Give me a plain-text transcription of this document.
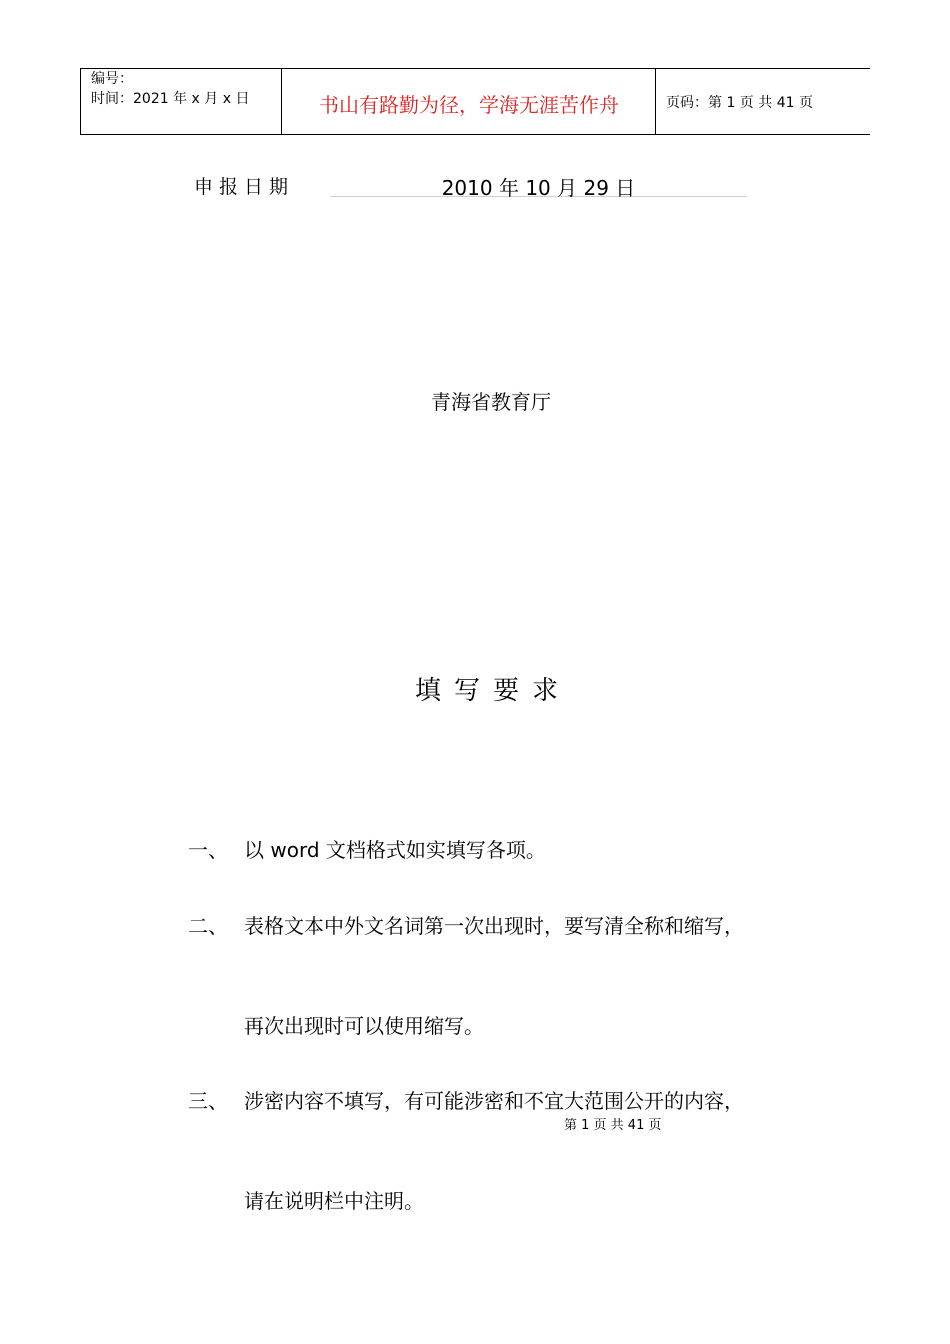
编号：
时间：2021 年 x 月 x 日	书山有路勤为径，学海无涯苦作舟	页码：第 1 页 共 41 页
申报日期	2010 年 10 月 29 日
青海省教育厅
填写要求
一、 以 word 文档格式如实填写各项。
二、 表格文本中外文名词第一次出现时，要写清全称和缩写，
再次出现时可以使用缩写。
三、 涉密内容不填写，有可能涉密和不宜大范围公开的内容，
第 1 页 共 41 页
请在说明栏中注明。
